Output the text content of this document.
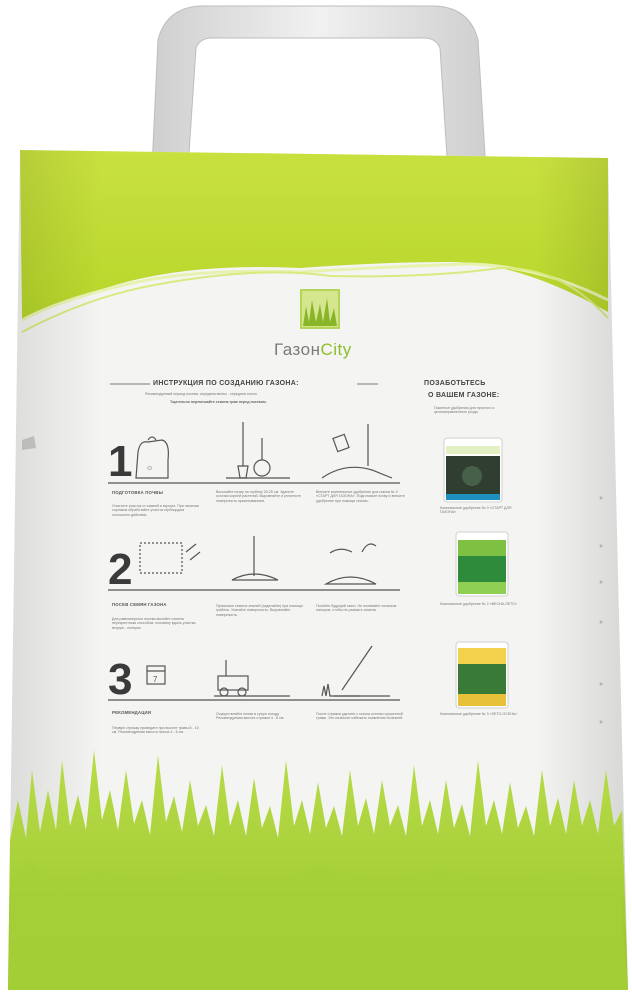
☺
7
ГазонCity
ИНСТРУКЦИЯ ПО СОЗДАНИЮ ГАЗОНА:
Рекомендуемый период посева: середина весны - середина осени.
Тщательно перемешайте семена трав перед посевом.
1
ПОДГОТОВКА ПОЧВЫ
Очистите участок от камней и мусора. При наличии сорняков обработайте участок гербицидом сплошного действия.
Вскопайте почву на глубину 20-25 см. Удалите остатки корней растений. Выровняйте и уплотните поверхность прикатыванием.
Внесите комплексное удобрение для газона № 0 «СТАРТ ДЛЯ ГАЗОНА». Подготовьте почву и внесите удобрение при помощи сеялки.
2
ПОСЕВ СЕМЯН ГАЗОНА
Для равномерного посева высейте семена перекрестным способом: половину вдоль участка, вторую - поперек.
Присыпьте семена землей (заделайте) при помощи грабель. Укатайте поверхность. Выровняйте поверхность.
Полейте будущий газон. Не поливайте сильным напором, чтобы не размыть семена.
3
РЕКОМЕНДАЦИИ
Первую стрижку проведите при высоте травы 8 - 10 см. Рекомендуемая высота газона 4 - 6 см.
Осуществляйте полив в сухую погоду. Рекомендуемая высота стрижки 4 - 6 см.
После стрижки удалите с газона остатки скошенной травы. Это позволит избежать появления болезней.
ПОЗАБОТЬТЕСЬ
О ВАШЕМ ГАЗОНЕ:
Газонные удобрения для простого и целенаправленного ухода
Комплексное удобрение № 0 «СТАРТ ДЛЯ ГАЗОНА»
Комплексное удобрение № 2 «ВЕСНА-ЛЕТО»
Комплексное удобрение № 3 «ЛЕТО-ОСЕНЬ»
